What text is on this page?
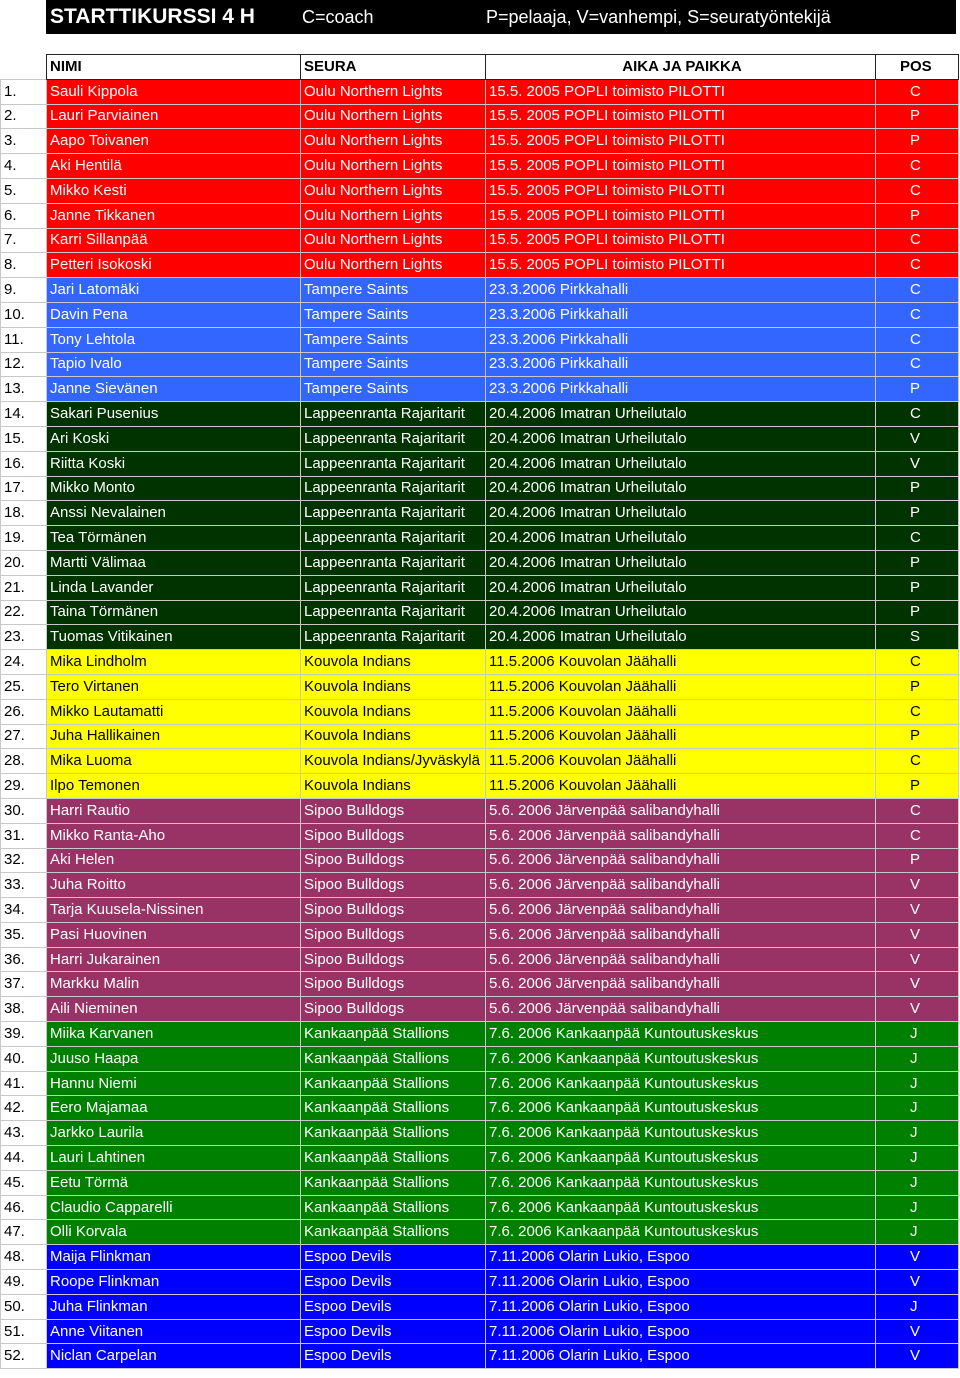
STARTTIKURSSI 4 H	C=coach	P=pelaaja, V=vanhempi, S=seuratyöntekijä
	NIMI	SEURA	AIKA JA PAIKKA	POS
1.	Sauli Kippola	Oulu Northern Lights	15.5. 2005 POPLI toimisto PILOTTI	C
2.	Lauri Parviainen	Oulu Northern Lights	15.5. 2005 POPLI toimisto PILOTTI	P
3.	Aapo Toivanen	Oulu Northern Lights	15.5. 2005 POPLI toimisto PILOTTI	P
4.	Aki Hentilä	Oulu Northern Lights	15.5. 2005 POPLI toimisto PILOTTI	C
5.	Mikko Kesti	Oulu Northern Lights	15.5. 2005 POPLI toimisto PILOTTI	C
6.	Janne Tikkanen	Oulu Northern Lights	15.5. 2005 POPLI toimisto PILOTTI	P
7.	Karri Sillanpää	Oulu Northern Lights	15.5. 2005 POPLI toimisto PILOTTI	C
8.	Petteri Isokoski	Oulu Northern Lights	15.5. 2005 POPLI toimisto PILOTTI	C
9.	Jari Latomäki	Tampere Saints	23.3.2006 Pirkkahalli	C
10.	Davin Pena	Tampere Saints	23.3.2006 Pirkkahalli	C
11.	Tony Lehtola	Tampere Saints	23.3.2006 Pirkkahalli	C
12.	Tapio Ivalo	Tampere Saints	23.3.2006 Pirkkahalli	C
13.	Janne Sievänen	Tampere Saints	23.3.2006 Pirkkahalli	P
14.	Sakari Pusenius	Lappeenranta Rajaritarit	20.4.2006 Imatran Urheilutalo	C
15.	Ari Koski	Lappeenranta Rajaritarit	20.4.2006 Imatran Urheilutalo	V
16.	Riitta Koski	Lappeenranta Rajaritarit	20.4.2006 Imatran Urheilutalo	V
17.	Mikko Monto	Lappeenranta Rajaritarit	20.4.2006 Imatran Urheilutalo	P
18.	Anssi Nevalainen	Lappeenranta Rajaritarit	20.4.2006 Imatran Urheilutalo	P
19.	Tea Törmänen	Lappeenranta Rajaritarit	20.4.2006 Imatran Urheilutalo	C
20.	Martti Välimaa	Lappeenranta Rajaritarit	20.4.2006 Imatran Urheilutalo	P
21.	Linda Lavander	Lappeenranta Rajaritarit	20.4.2006 Imatran Urheilutalo	P
22.	Taina Törmänen	Lappeenranta Rajaritarit	20.4.2006 Imatran Urheilutalo	P
23.	Tuomas Vitikainen	Lappeenranta Rajaritarit	20.4.2006 Imatran Urheilutalo	S
24.	Mika Lindholm	Kouvola Indians	11.5.2006 Kouvolan Jäähalli	C
25.	Tero Virtanen	Kouvola Indians	11.5.2006 Kouvolan Jäähalli	P
26.	Mikko Lautamatti	Kouvola Indians	11.5.2006 Kouvolan Jäähalli	C
27.	Juha Hallikainen	Kouvola Indians	11.5.2006 Kouvolan Jäähalli	P
28.	Mika Luoma	Kouvola Indians/Jyväskylä	11.5.2006 Kouvolan Jäähalli	C
29.	Ilpo Temonen	Kouvola Indians	11.5.2006 Kouvolan Jäähalli	P
30.	Harri Rautio	Sipoo Bulldogs	5.6. 2006 Järvenpää salibandyhalli	C
31.	Mikko Ranta-Aho	Sipoo Bulldogs	5.6. 2006 Järvenpää salibandyhalli	C
32.	Aki Helen	Sipoo Bulldogs	5.6. 2006 Järvenpää salibandyhalli	P
33.	Juha Roitto	Sipoo Bulldogs	5.6. 2006 Järvenpää salibandyhalli	V
34.	Tarja Kuusela-Nissinen	Sipoo Bulldogs	5.6. 2006 Järvenpää salibandyhalli	V
35.	Pasi Huovinen	Sipoo Bulldogs	5.6. 2006 Järvenpää salibandyhalli	V
36.	Harri Jukarainen	Sipoo Bulldogs	5.6. 2006 Järvenpää salibandyhalli	V
37.	Markku Malin	Sipoo Bulldogs	5.6. 2006 Järvenpää salibandyhalli	V
38.	Aili Nieminen	Sipoo Bulldogs	5.6. 2006 Järvenpää salibandyhalli	V
39.	Miika Karvanen	Kankaanpää Stallions	7.6. 2006 Kankaanpää Kuntoutuskeskus	J
40.	Juuso Haapa	Kankaanpää Stallions	7.6. 2006 Kankaanpää Kuntoutuskeskus	J
41.	Hannu Niemi	Kankaanpää Stallions	7.6. 2006 Kankaanpää Kuntoutuskeskus	J
42.	Eero Majamaa	Kankaanpää Stallions	7.6. 2006 Kankaanpää Kuntoutuskeskus	J
43.	Jarkko Laurila	Kankaanpää Stallions	7.6. 2006 Kankaanpää Kuntoutuskeskus	J
44.	Lauri Lahtinen	Kankaanpää Stallions	7.6. 2006 Kankaanpää Kuntoutuskeskus	J
45.	Eetu Törmä	Kankaanpää Stallions	7.6. 2006 Kankaanpää Kuntoutuskeskus	J
46.	Claudio Capparelli	Kankaanpää Stallions	7.6. 2006 Kankaanpää Kuntoutuskeskus	J
47.	Olli Korvala	Kankaanpää Stallions	7.6. 2006 Kankaanpää Kuntoutuskeskus	J
48.	Maija Flinkman	Espoo Devils	7.11.2006 Olarin Lukio, Espoo	V
49.	Roope Flinkman	Espoo Devils	7.11.2006 Olarin Lukio, Espoo	V
50.	Juha Flinkman	Espoo Devils	7.11.2006 Olarin Lukio, Espoo	J
51.	Anne Viitanen	Espoo Devils	7.11.2006 Olarin Lukio, Espoo	V
52.	Niclan Carpelan	Espoo Devils	7.11.2006 Olarin Lukio, Espoo	V
